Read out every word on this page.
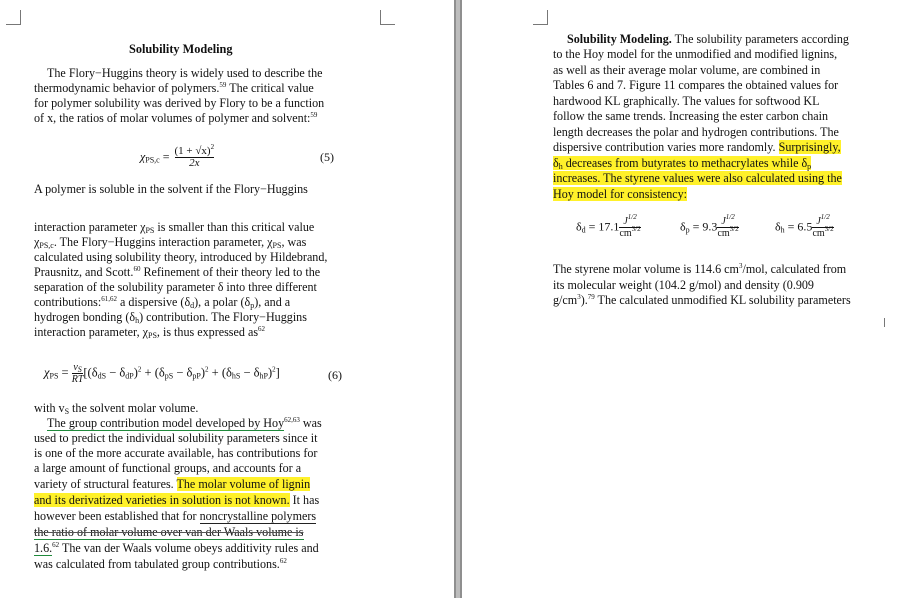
Solubility Modeling
The Flory−Huggins theory is widely used to describe the
thermodynamic behavior of polymers.$^{59}$ The critical value
for polymer solubility was derived by Flory to be a function
of x, the ratios of molar volumes of polymer and solvent:$^{59}$
$\chi_{PS,c} = \frac{(1 + √x)^2}{2x}$	(5)
A polymer is soluble in the solvent if the Flory−Huggins
interaction parameter $\chi_{PS}$ is smaller than this critical value
$\chi_{PS,c}$. The Flory−Huggins interaction parameter, $\chi_{PS}$, was
calculated using solubility theory, introduced by Hildebrand,
Prausnitz, and Scott.$^{60}$ Refinement of their theory led to the
separation of the solubility parameter δ into three different
contributions:$^{61,62}$ a dispersive $(\delta_d)$, a polar $(\delta_p)$, and a
hydrogen bonding $(\delta_h)$ contribution. The Flory−Huggins
interaction parameter, $\chi_{PS}$, is thus expressed $as^{62}$
$\chi_{PS} = \frac{v_S}{RT} [(\delta_{dS} - \delta_{dP})^2 + (\delta_{pS} - \delta_{pP})^2 + (\delta_{hS} - \delta_{hP})^2]$	(6)
with $v_S$ the solvent molar volume.
The group contribution model developed by Hoy$^{62,63}$ was
used to predict the individual solubility parameters since it
is one of the more accurate available, has contributions for
a large amount of functional groups, and accounts for a
variety of structural features. The molar volume of lignin
and its derivatized varieties in solution is not known. It has
however been established that for noncrystalline polymers
the ratio of molar volume over van der Waals volume is
1.6.62 The van der Waals volume obeys additivity rules and
was calculated from tabulated group contributions.$^{62}$
Solubility Modeling. The solubility parameters according
to the Hoy model for the unmodified and modified lignins,
as well as their average molar volume, are combined in
Tables 6 and 7. Figure 11 compares the obtained values for
hardwood KL graphically. The values for softwood KL
follow the same trends. Increasing the ester carbon chain
length decreases the polar and hydrogen contributions. The
dispersive contribution varies more randomly. Surprisingly,
$\delta_h$ decreases from butyrates to methacrylates while $\delta_p$
increases. The styrene values were also calculated using the
Hoy model for consistency:
$\delta_d = 17.1 \frac{J^{1/2}}{cm^{3/2}}$	$\delta_p = 9.3 \frac{J^{1/2}}{cm^{3/2}}$	$\delta_h = 6.5 \frac{J^{1/2}}{cm^{3/2}}$
The styrene molar volume is 114.6 $cm^3$/mol, calculated from
its molecular weight (104.2 g/mol) and density (0.909
$g/cm^3).^{79}$ The calculated unmodified KL solubility parameters
